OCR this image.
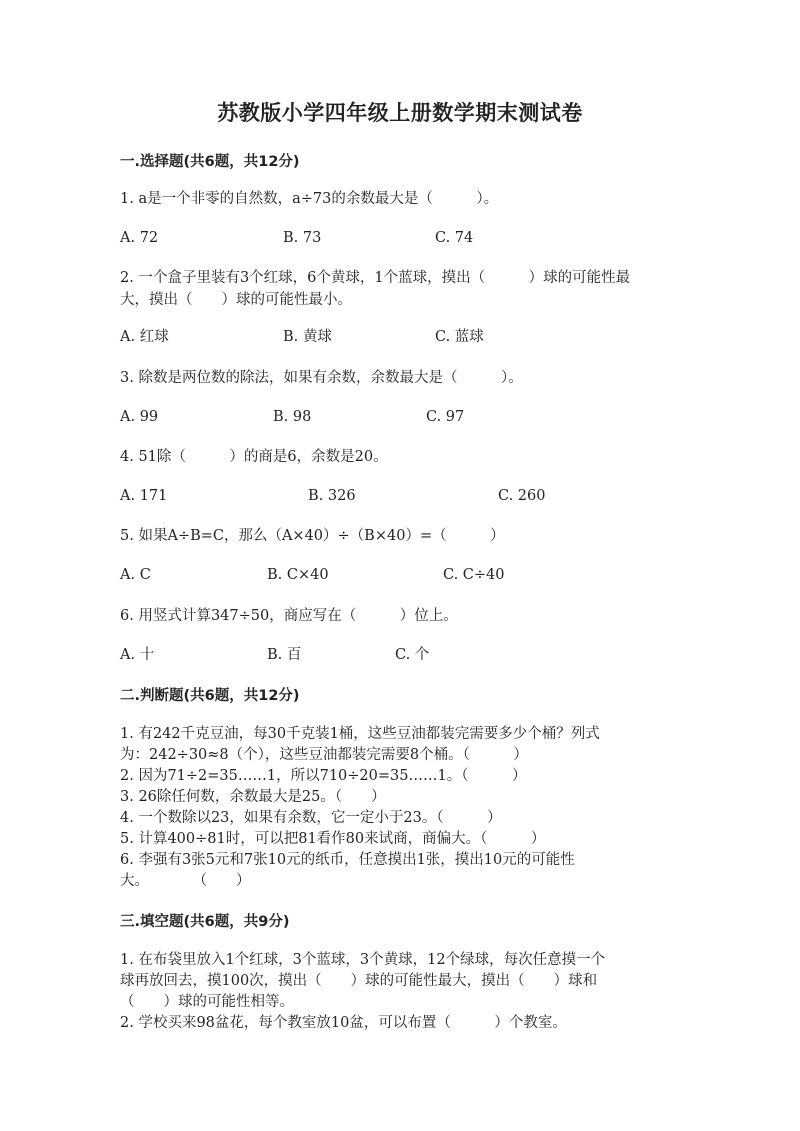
苏教版小学四年级上册数学期末测试卷
一.选择题(共6题，共12分)
1. a是一个非零的自然数，a÷73的余数最大是（　　　）。
A. 72	B. 73	C. 74
2. 一个盒子里装有3个红球，6个黄球，1个蓝球，摸出（　　　）球的可能性最
大，摸出（　　）球的可能性最小。
A. 红球	B. 黄球	C. 蓝球
3. 除数是两位数的除法，如果有余数，余数最大是（　　　）。
A. 99	B. 98	C. 97
4. 51除（　　　）的商是6，余数是20。
A. 171	B. 326	C. 260
5. 如果A÷B=C，那么（A×40）÷（B×40）=（　　　）
A. C	B. C×40	C. C÷40
6. 用竖式计算347÷50，商应写在（　　　）位上。
A. 十	B. 百	C. 个
二.判断题(共6题，共12分)
1. 有242千克豆油，每30千克装1桶，这些豆油都装完需要多少个桶？列式
为：242÷30≈8（个），这些豆油都装完需要8个桶。（　　　）
2. 因为71÷2=35……1，所以710÷20=35……1。（　　　）
3. 26除任何数，余数最大是25。（　　）
4. 一个数除以23，如果有余数，它一定小于23。（　　　）
5. 计算400÷81时，可以把81看作80来试商，商偏大。（　　　）
6. 李强有3张5元和7张10元的纸币，任意摸出1张，摸出10元的可能性
大。　　　　（　　）
三.填空题(共6题，共9分)
1. 在布袋里放入1个红球，3个蓝球，3个黄球，12个绿球，每次任意摸一个
球再放回去，摸100次，摸出（　　）球的可能性最大，摸出（　　）球和
（　　）球的可能性相等。
2. 学校买来98盆花，每个教室放10盆，可以布置（　　　）个教室。
